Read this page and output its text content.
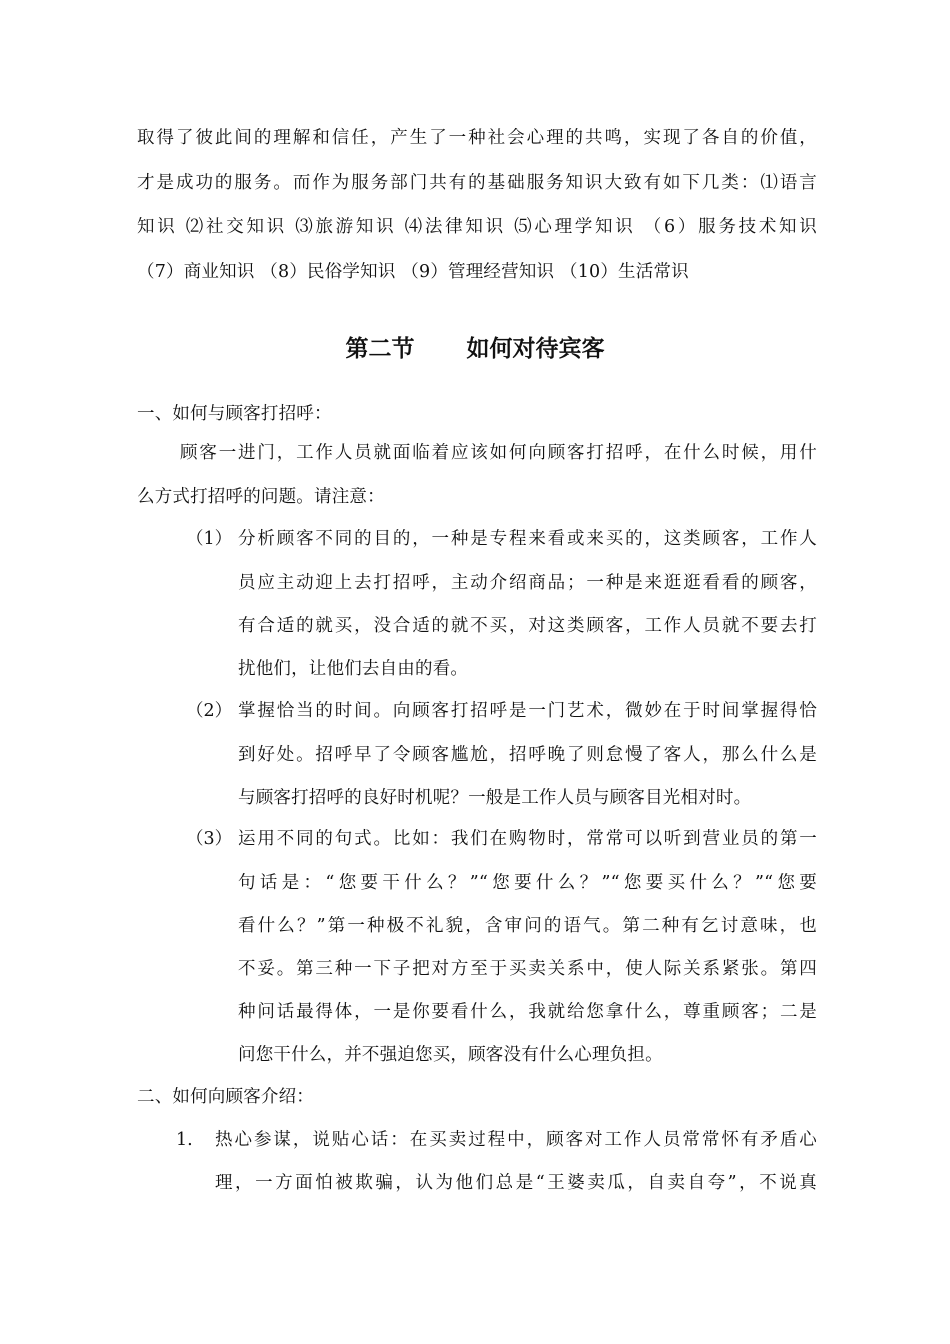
取得了彼此间的理解和信任，产生了一种社会心理的共鸣，实现了各自的价值，
才是成功的服务。而作为服务部门共有的基础服务知识大致有如下几类：⑴语言
知识 ⑵社交知识 ⑶旅游知识 ⑷法律知识 ⑸心理学知识 （6）服务技术知识
（7）商业知识 （8）民俗学知识 （9）管理经营知识 （10）生活常识
第二节 如何对待宾客
一、如何与顾客打招呼：
顾客一进门，工作人员就面临着应该如何向顾客打招呼，在什么时候，用什
么方式打招呼的问题。请注意：
（1） 分析顾客不同的目的，一种是专程来看或来买的，这类顾客，工作人
员应主动迎上去打招呼，主动介绍商品；一种是来逛逛看看的顾客，
有合适的就买，没合适的就不买，对这类顾客，工作人员就不要去打
扰他们，让他们去自由的看。
（2） 掌握恰当的时间。向顾客打招呼是一门艺术，微妙在于时间掌握得恰
到好处。招呼早了令顾客尴尬，招呼晚了则怠慢了客人，那么什么是
与顾客打招呼的良好时机呢？一般是工作人员与顾客目光相对时。
（3） 运用不同的句式。比如：我们在购物时，常常可以听到营业员的第一
句话是：“您要干什么？”“您要什么？”“您要买什么？”“您要
看什么？”第一种极不礼貌，含审问的语气。第二种有乞讨意味，也
不妥。第三种一下子把对方至于买卖关系中，使人际关系紧张。第四
种问话最得体，一是你要看什么，我就给您拿什么，尊重顾客；二是
问您干什么，并不强迫您买，顾客没有什么心理负担。
二、如何向顾客介绍：
1. 热心参谋，说贴心话：在买卖过程中，顾客对工作人员常常怀有矛盾心
理，一方面怕被欺骗，认为他们总是“王婆卖瓜，自卖自夸”，不说真
